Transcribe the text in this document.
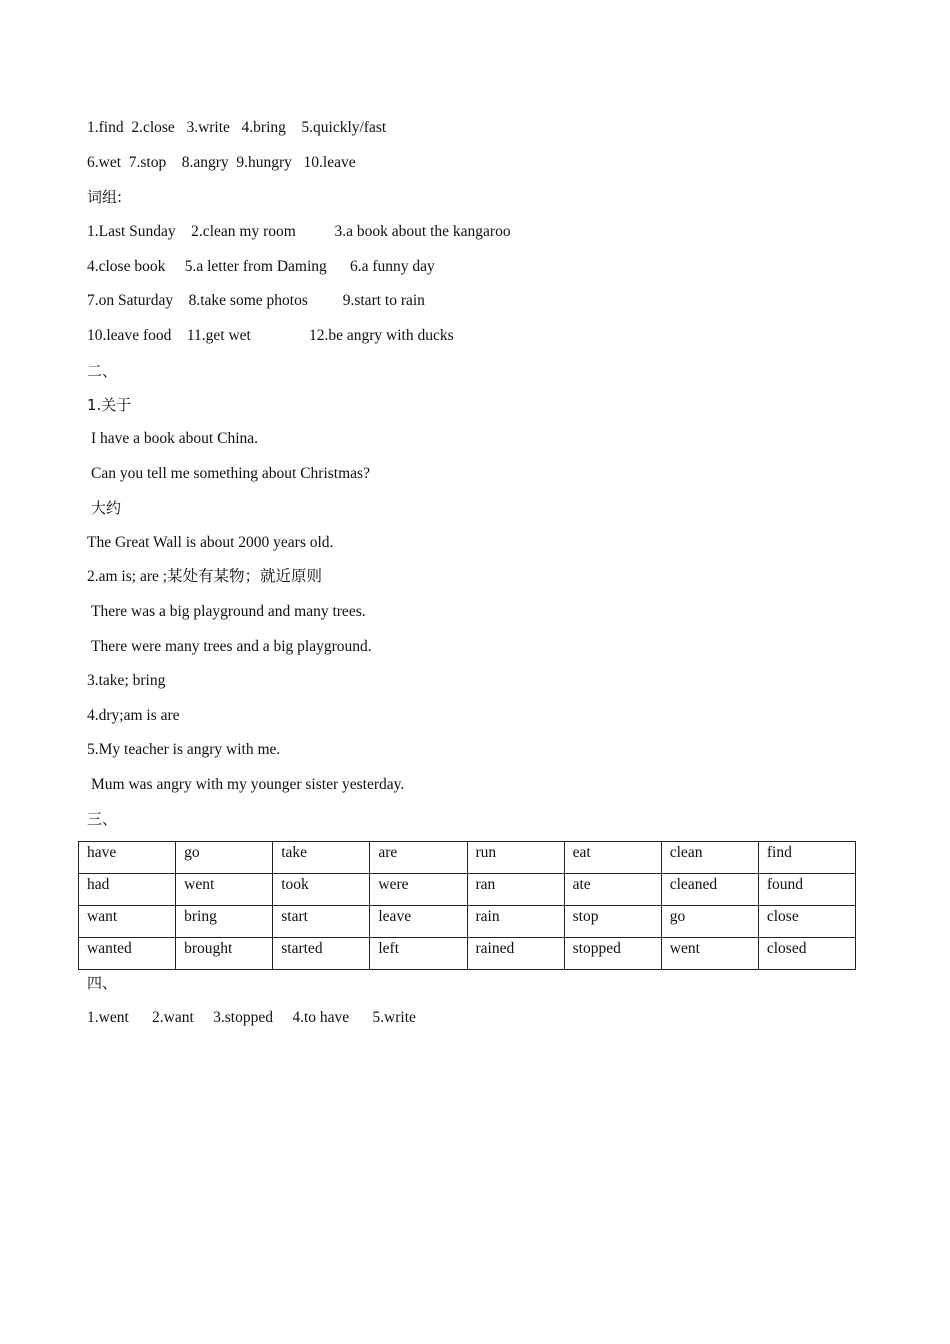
1.find  2.close   3.write   4.bring    5.quickly/fast
6.wet  7.stop    8.angry  9.hungry   10.leave
词组:
1.Last Sunday    2.clean my room          3.a book about the kangaroo
4.close book     5.a letter from Daming      6.a funny day
7.on Saturday    8.take some photos         9.start to rain
10.leave food    11.get wet               12.be angry with ducks
二、
1.关于
I have a book about China.
Can you tell me something about Christmas?
大约
The Great Wall is about 2000 years old.
2.am is; are ;某处有某物；就近原则
There was a big playground and many trees.
There were many trees and a big playground.
3.take; bring
4.dry;am is are
5.My teacher is angry with me.
Mum was angry with my younger sister yesterday.
三、
have	go	take	are	run	eat	clean	find
had	went	took	were	ran	ate	cleaned	found
want	bring	start	leave	rain	stop	go	close
wanted	brought	started	left	rained	stopped	went	closed
四、
1.went      2.want     3.stopped     4.to have      5.write
